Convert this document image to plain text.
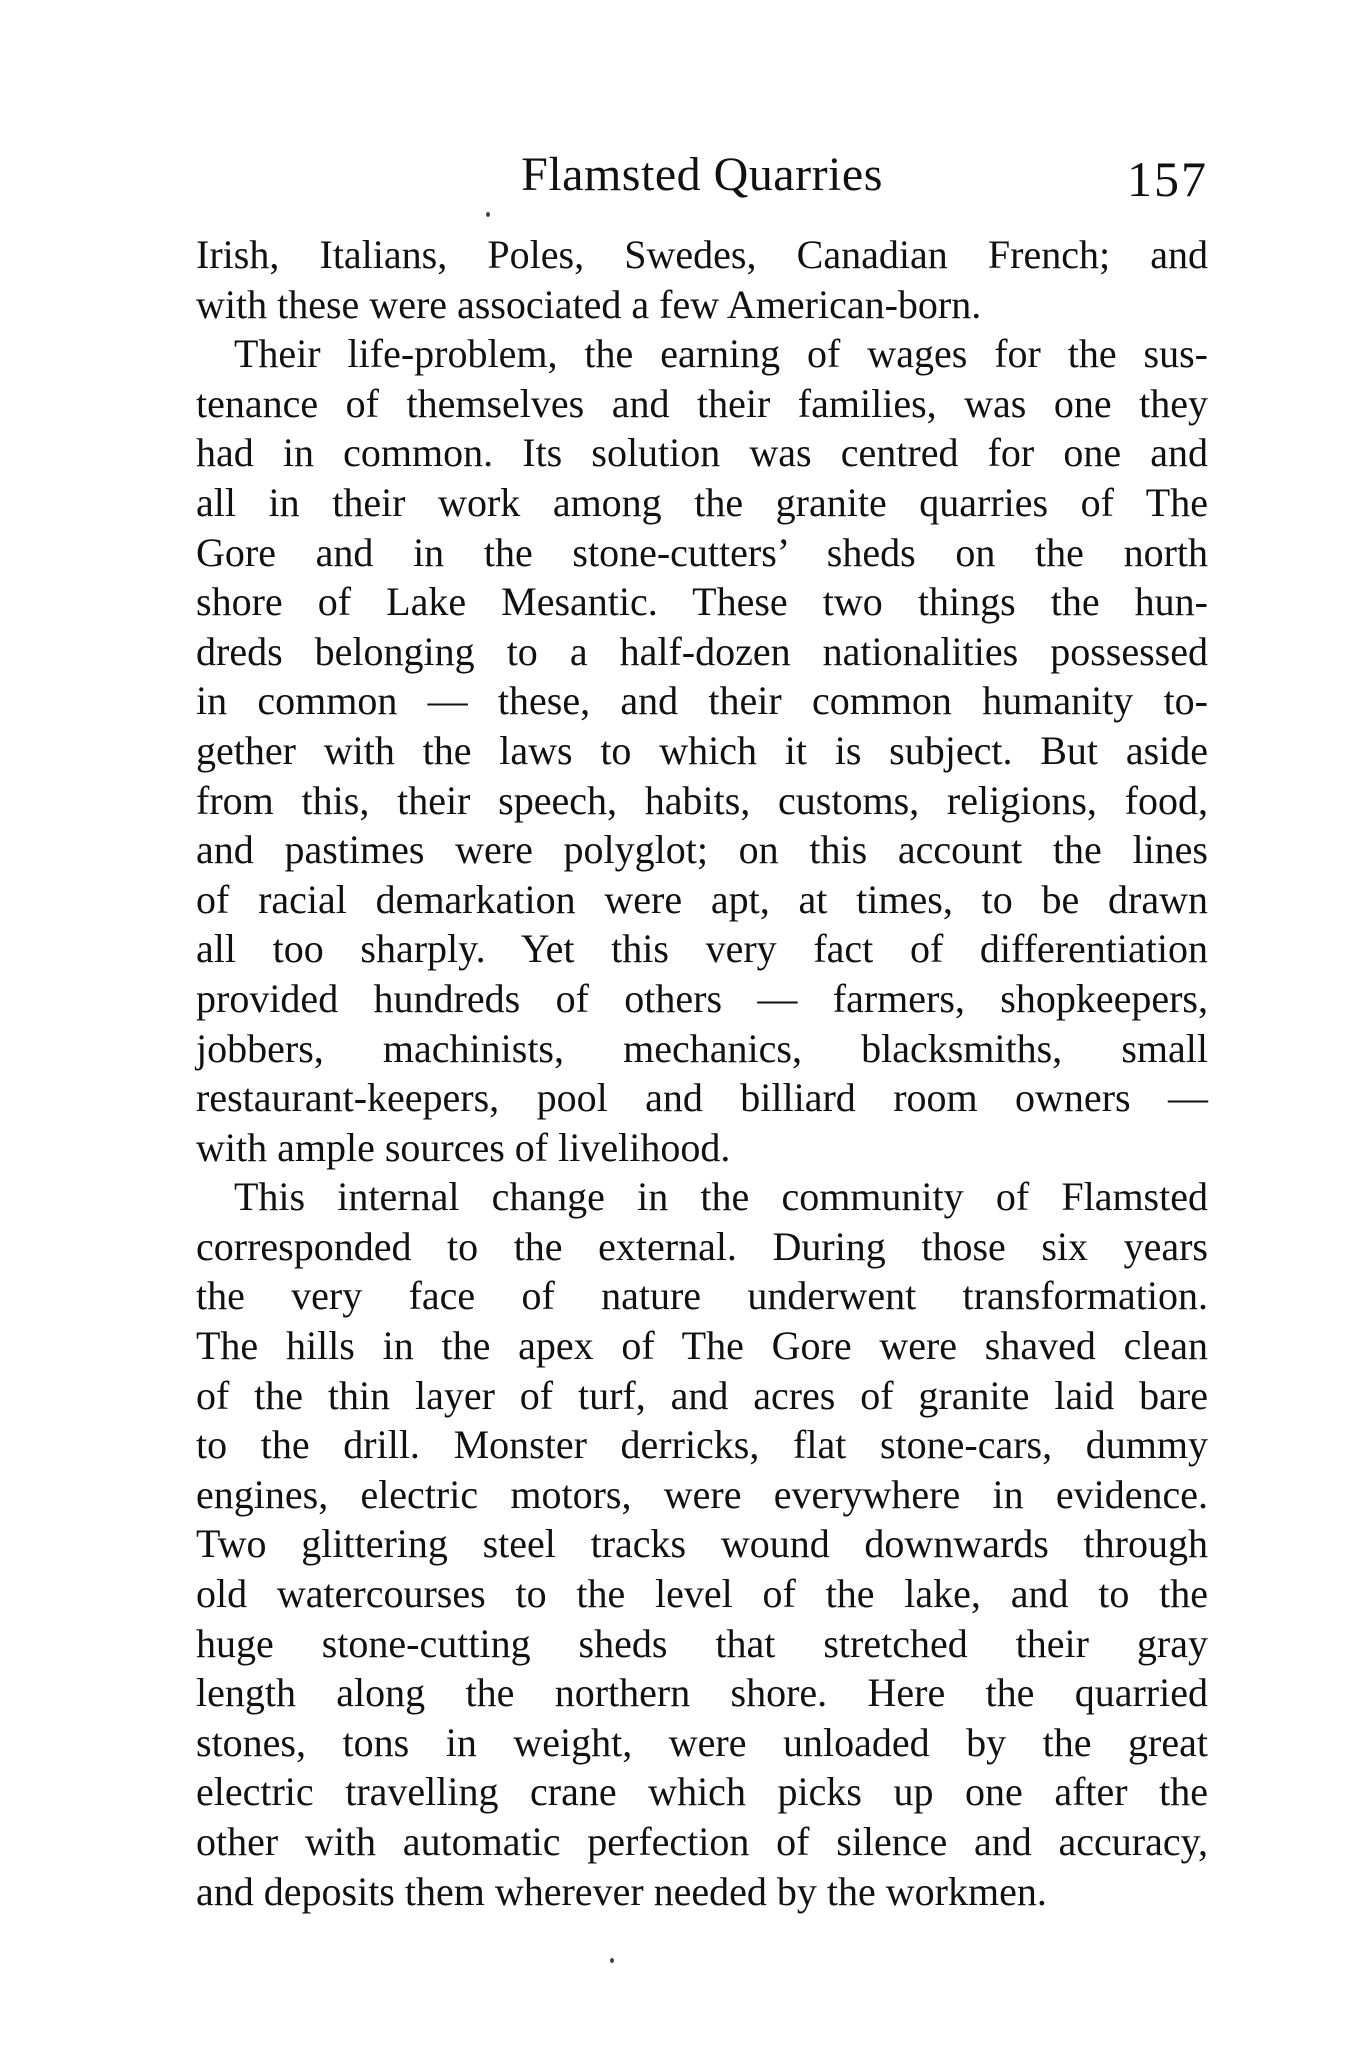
Flamsted Quarries	157
Irish, Italians, Poles, Swedes, Canadian French; and
with these were associated a few American-born.
Their life-problem, the earning of wages for the sus-
tenance of themselves and their families, was one they
had in common. Its solution was centred for one and
all in their work among the granite quarries of The
Gore and in the stone-cutters’ sheds on the north
shore of Lake Mesantic. These two things the hun-
dreds belonging to a half-dozen nationalities possessed
in common — these, and their common humanity to-
gether with the laws to which it is subject. But aside
from this, their speech, habits, customs, religions, food,
and pastimes were polyglot; on this account the lines
of racial demarkation were apt, at times, to be drawn
all too sharply. Yet this very fact of differentiation
provided hundreds of others — farmers, shopkeepers,
jobbers, machinists, mechanics, blacksmiths, small
restaurant-keepers, pool and billiard room owners —
with ample sources of livelihood.
This internal change in the community of Flamsted
corresponded to the external. During those six years
the very face of nature underwent transformation.
The hills in the apex of The Gore were shaved clean
of the thin layer of turf, and acres of granite laid bare
to the drill. Monster derricks, flat stone-cars, dummy
engines, electric motors, were everywhere in evidence.
Two glittering steel tracks wound downwards through
old watercourses to the level of the lake, and to the
huge stone-cutting sheds that stretched their gray
length along the northern shore. Here the quarried
stones, tons in weight, were unloaded by the great
electric travelling crane which picks up one after the
other with automatic perfection of silence and accuracy,
and deposits them wherever needed by the workmen.
